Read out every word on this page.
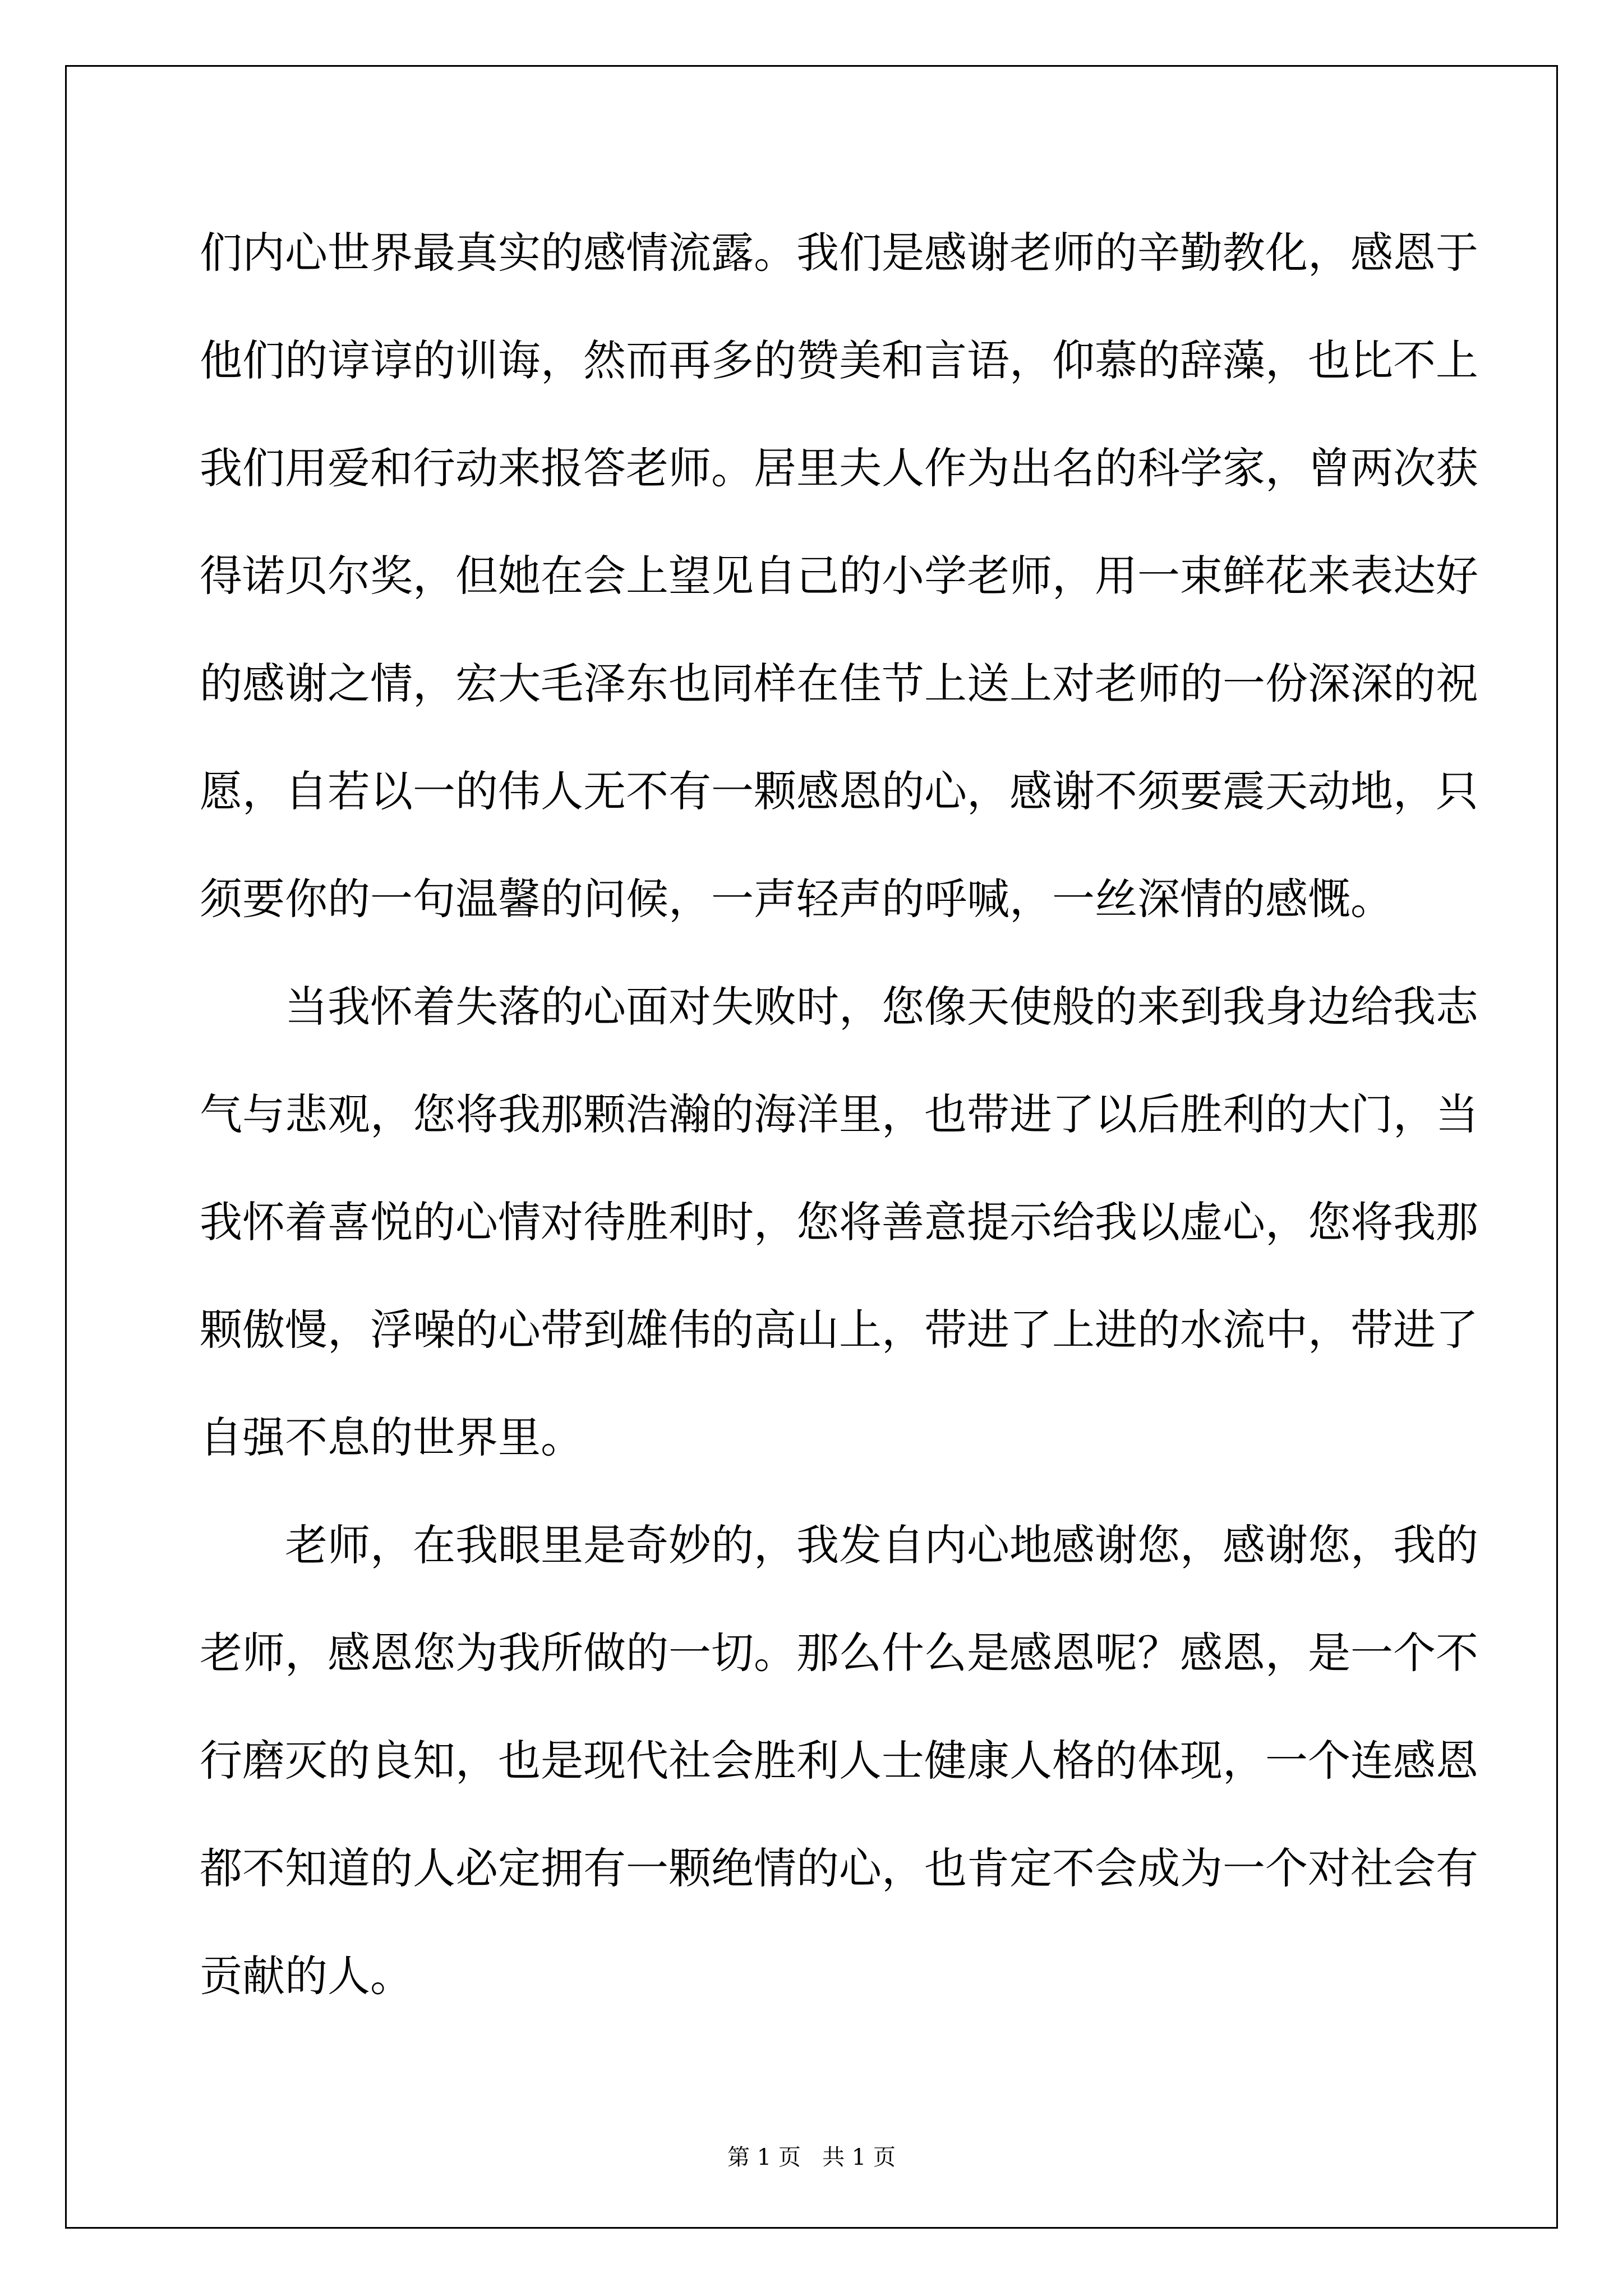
们内心世界最真实的感情流露。我们是感谢老师的辛勤教化，感恩于
他们的谆谆的训诲，然而再多的赞美和言语，仰慕的辞藻，也比不上
我们用爱和行动来报答老师。居里夫人作为出名的科学家，曾两次获
得诺贝尔奖，但她在会上望见自己的小学老师，用一束鲜花来表达好
的感谢之情，宏大毛泽东也同样在佳节上送上对老师的一份深深的祝
愿，自若以一的伟人无不有一颗感恩的心，感谢不须要震天动地，只
须要你的一句温馨的问候，一声轻声的呼喊，一丝深情的感慨。
当我怀着失落的心面对失败时，您像天使般的来到我身边给我志
气与悲观，您将我那颗浩瀚的海洋里，也带进了以后胜利的大门，当
我怀着喜悦的心情对待胜利时，您将善意提示给我以虚心，您将我那
颗傲慢，浮噪的心带到雄伟的高山上，带进了上进的水流中，带进了
自强不息的世界里。
老师，在我眼里是奇妙的，我发自内心地感谢您，感谢您，我的
老师，感恩您为我所做的一切。那么什么是感恩呢？感恩，是一个不
行磨灭的良知，也是现代社会胜利人士健康人格的体现，一个连感恩
都不知道的人必定拥有一颗绝情的心，也肯定不会成为一个对社会有
贡献的人。
第 1 页 共 1 页
